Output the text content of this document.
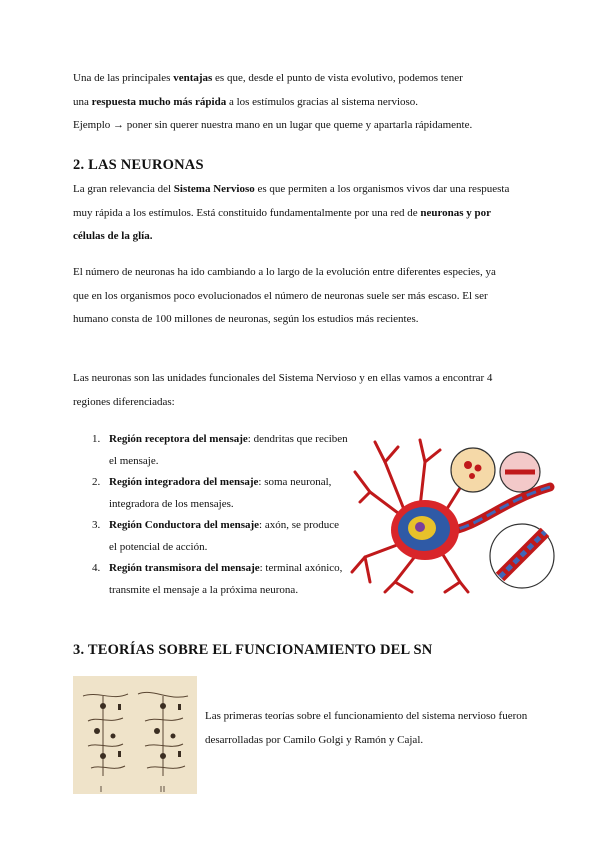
Una de las principales ventajas es que, desde el punto de vista evolutivo, podemos tener

una respuesta mucho más rápida a los estímulos gracias al sistema nervioso.

Ejemplo → poner sin querer nuestra mano en un lugar que queme y apartarla rápidamente.

2. LAS NEURONAS

La gran relevancia del Sistema Nervioso es que permiten a los organismos vivos dar una respuesta muy rápida a los estímulos. Está constituido fundamentalmente por una red de neuronas y por células de la glía.

El número de neuronas ha ido cambiando a lo largo de la evolución entre diferentes especies, ya que en los organismos poco evolucionados el número de neuronas suele ser más escaso. El ser humano consta de 100 millones de neuronas, según los estudios más recientes.

Las neuronas son las unidades funcionales del Sistema Nervioso y en ellas vamos a encontrar 4 regiones diferenciadas:

1. Región receptora del mensaje: dendritas que reciben el mensaje.
2. Región integradora del mensaje: soma neuronal, integradora de los mensajes.
3. Región Conductora del mensaje: axón, se produce el potencial de acción.
4. Región transmisora del mensaje: terminal axónico, transmite el mensaje a la próxima neurona.
3. TEORÍAS SOBRE EL FUNCIONAMIENTO DEL SN

Las primeras teorías sobre el funcionamiento del sistema nervioso fueron desarrolladas por Camilo Golgi y Ramón y Cajal.
